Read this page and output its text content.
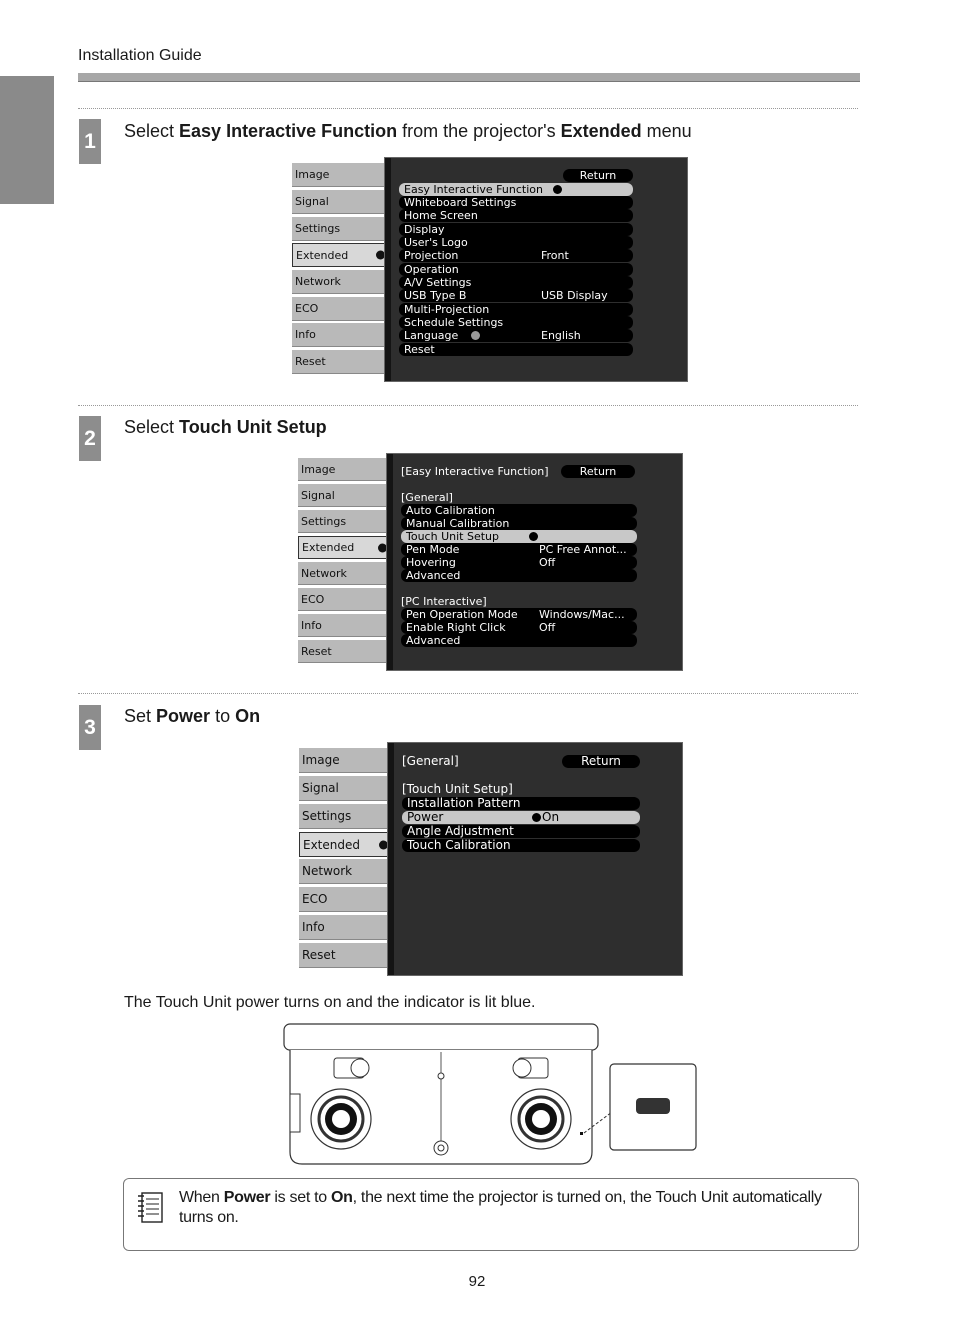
Installation Guide
1 Select Easy Interactive Function from the projector's Extended menu
Image
Signal
Settings
Extended
Network
ECO
Info
Reset
Return
Easy Interactive Function
Whiteboard Settings
Home Screen
Display
User's Logo
Projection	Front
Operation
A/V Settings
USB Type B	USB Display
Multi-Projection
Schedule Settings
Language	English
Reset
2 Select Touch Unit Setup
Image
Signal
Settings
Extended
Network
ECO
Info
Reset
[Easy Interactive Function]	Return
[General]
Auto Calibration
Manual Calibration
Touch Unit Setup
Pen Mode	PC Free Annot...
Hovering	Off
Advanced
[PC Interactive]
Pen Operation Mode Windows/Mac...
Enable Right Click	Off
Advanced
3 Set Power to On
Image
Signal
Settings
Extended
Network
ECO
Info
Reset
[General]	Return
[Touch Unit Setup]
Installation Pattern
Power	On
Angle Adjustment
Touch Calibration
The Touch Unit power turns on and the indicator is lit blue.
When Power is set to On, the next time the projector is turned on, the Touch Unit automatically turns on.
92
